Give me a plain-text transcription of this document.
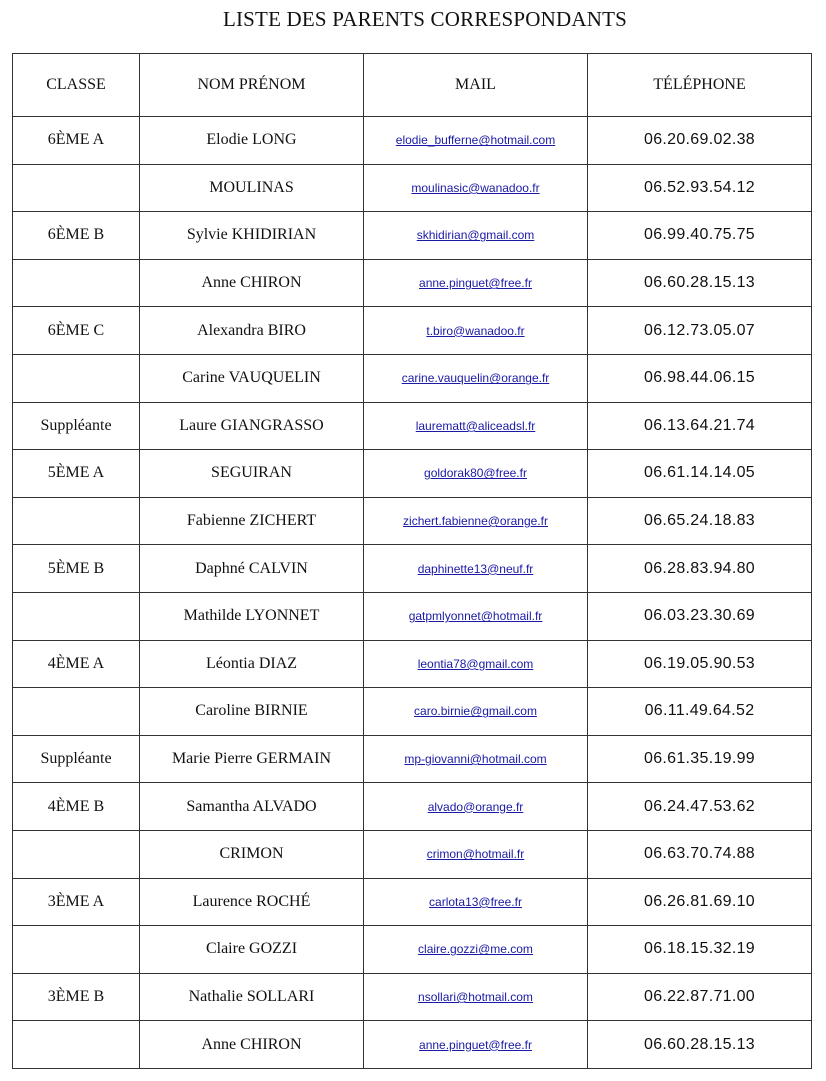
LISTE DES PARENTS CORRESPONDANTS
CLASSE	NOM PRÉNOM	MAIL	TÉLÉPHONE
6ÈME A	Elodie LONG	elodie_bufferne@hotmail.com	06.20.69.02.38
	MOULINAS	moulinasic@wanadoo.fr	06.52.93.54.12
6ÈME B	Sylvie KHIDIRIAN	skhidirian@gmail.com	06.99.40.75.75
	Anne CHIRON	anne.pinguet@free.fr	06.60.28.15.13
6ÈME C	Alexandra BIRO	t.biro@wanadoo.fr	06.12.73.05.07
	Carine VAUQUELIN	carine.vauquelin@orange.fr	06.98.44.06.15
Suppléante	Laure GIANGRASSO	laurematt@aliceadsl.fr	06.13.64.21.74
5ÈME A	SEGUIRAN	goldorak80@free.fr	06.61.14.14.05
	Fabienne ZICHERT	zichert.fabienne@orange.fr	06.65.24.18.83
5ÈME B	Daphné CALVIN	daphinette13@neuf.fr	06.28.83.94.80
	Mathilde LYONNET	gatpmlyonnet@hotmail.fr	06.03.23.30.69
4ÈME A	Léontia DIAZ	leontia78@gmail.com	06.19.05.90.53
	Caroline BIRNIE	caro.birnie@gmail.com	06.11.49.64.52
Suppléante	Marie Pierre GERMAIN	mp-giovanni@hotmail.com	06.61.35.19.99
4ÈME B	Samantha ALVADO	alvado@orange.fr	06.24.47.53.62
	CRIMON	crimon@hotmail.fr	06.63.70.74.88
3ÈME A	Laurence ROCHÉ	carlota13@free.fr	06.26.81.69.10
	Claire GOZZI	claire.gozzi@me.com	06.18.15.32.19
3ÈME B	Nathalie SOLLARI	nsollari@hotmail.com	06.22.87.71.00
	Anne CHIRON	anne.pinguet@free.fr	06.60.28.15.13
